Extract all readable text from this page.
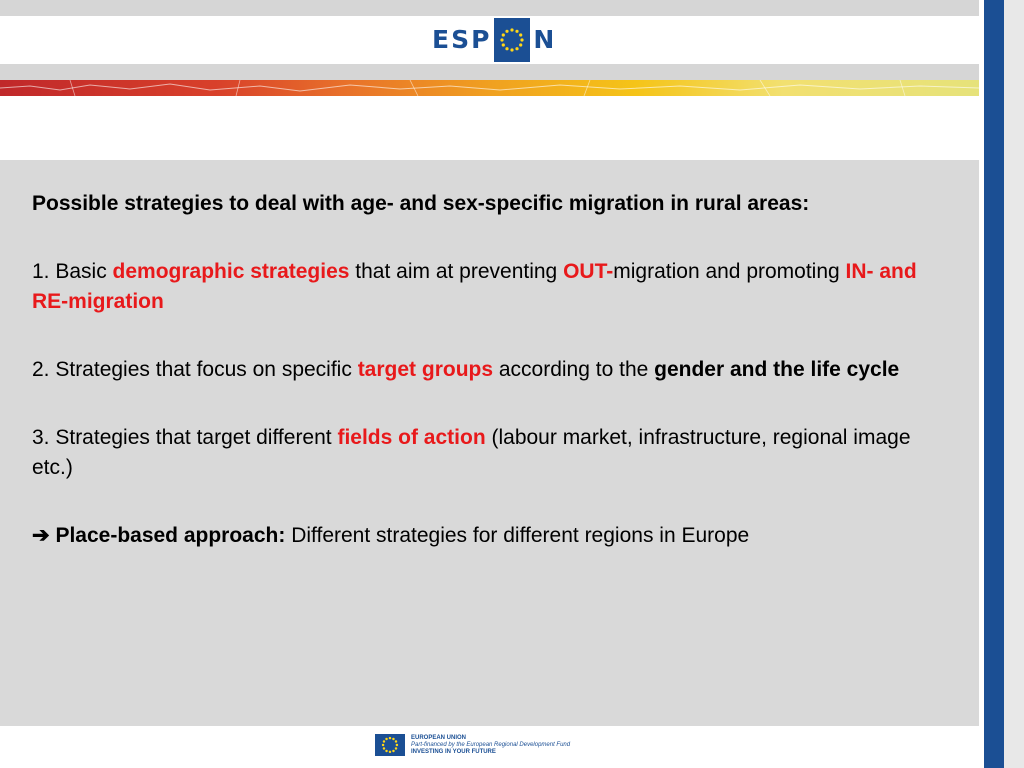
ESP N

Possible strategies to deal with age- and sex-specific migration in rural areas:

1. Basic demographic strategies that aim at preventing OUT-migration and promoting IN- and RE-migration

2. Strategies that focus on specific target groups according to the gender and the life cycle

3. Strategies that target different fields of action (labour market, infrastructure, regional image etc.)

➔ Place-based approach: Different strategies for different regions in Europe

EUROPEAN UNION
Part-financed by the European Regional Development Fund
INVESTING IN YOUR FUTURE
